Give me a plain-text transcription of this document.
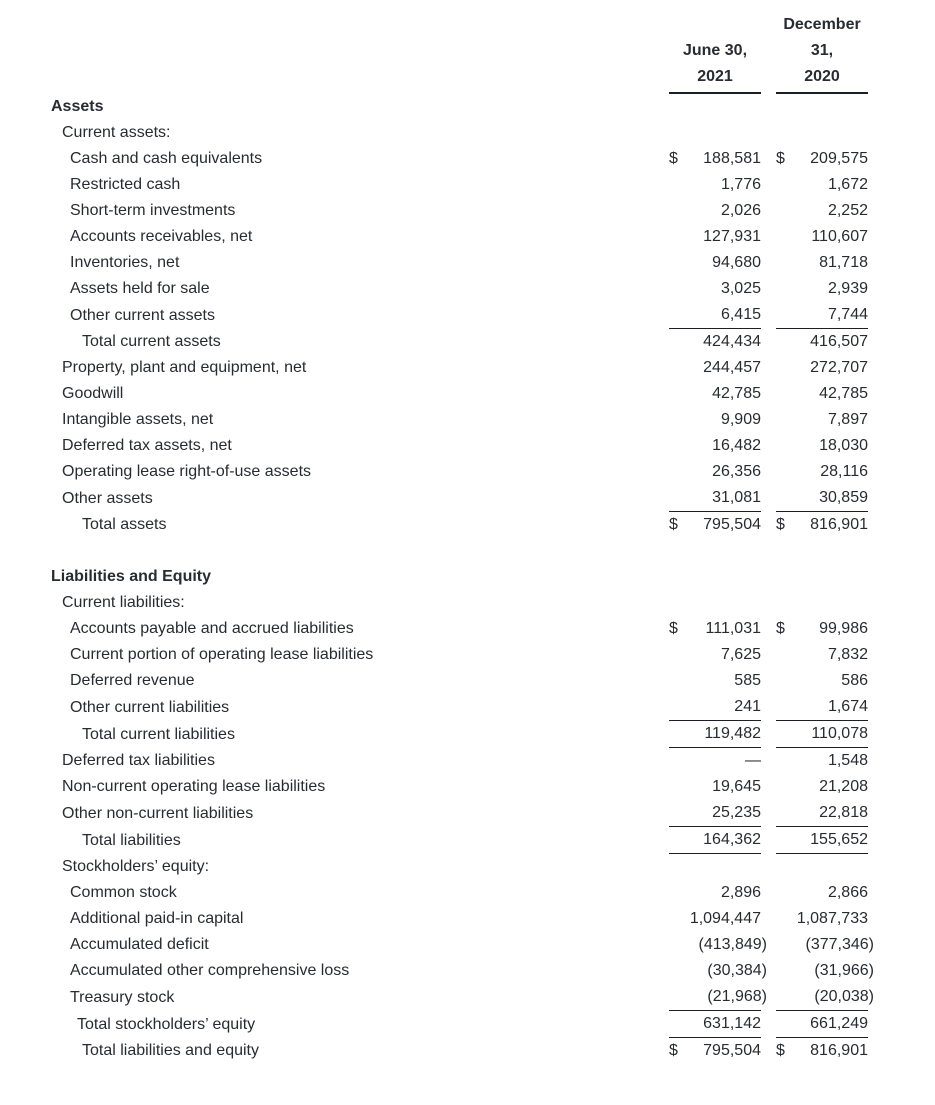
June 30,
2021
December
31,
2020
Assets
Current assets:
Cash and cash equivalents	$ 188,581 $ 209,575
Restricted cash	1,776	1,672
Short-term investments	2,026	2,252
Accounts receivables, net	127,931	110,607
Inventories, net	94,680	81,718
Assets held for sale	3,025	2,939
Other current assets	6,415	7,744
Total current assets	424,434	416,507
Property, plant and equipment, net	244,457	272,707
Goodwill	42,785	42,785
Intangible assets, net	9,909	7,897
Deferred tax assets, net	16,482	18,030
Operating lease right-of-use assets	26,356	28,116
Other assets	31,081	30,859
Total assets	$ 795,504 $ 816,901
Liabilities and Equity
Current liabilities:
Accounts payable and accrued liabilities	$ 111,031 $ 99,986
Current portion of operating lease liabilities	7,625	7,832
Deferred revenue	585	586
Other current liabilities	241	1,674
Total current liabilities	119,482	110,078
Deferred tax liabilities	—	1,548
Non-current operating lease liabilities	19,645	21,208
Other non-current liabilities	25,235	22,818
Total liabilities	164,362	155,652
Stockholders’ equity:
Common stock	2,896	2,866
Additional paid-in capital	1,094,447	1,087,733
Accumulated deficit	(413,849)	(377,346)
Accumulated other comprehensive loss	(30,384)	(31,966)
Treasury stock	(21,968)	(20,038)
Total stockholders’ equity	631,142	661,249
Total liabilities and equity	$ 795,504 $ 816,901
